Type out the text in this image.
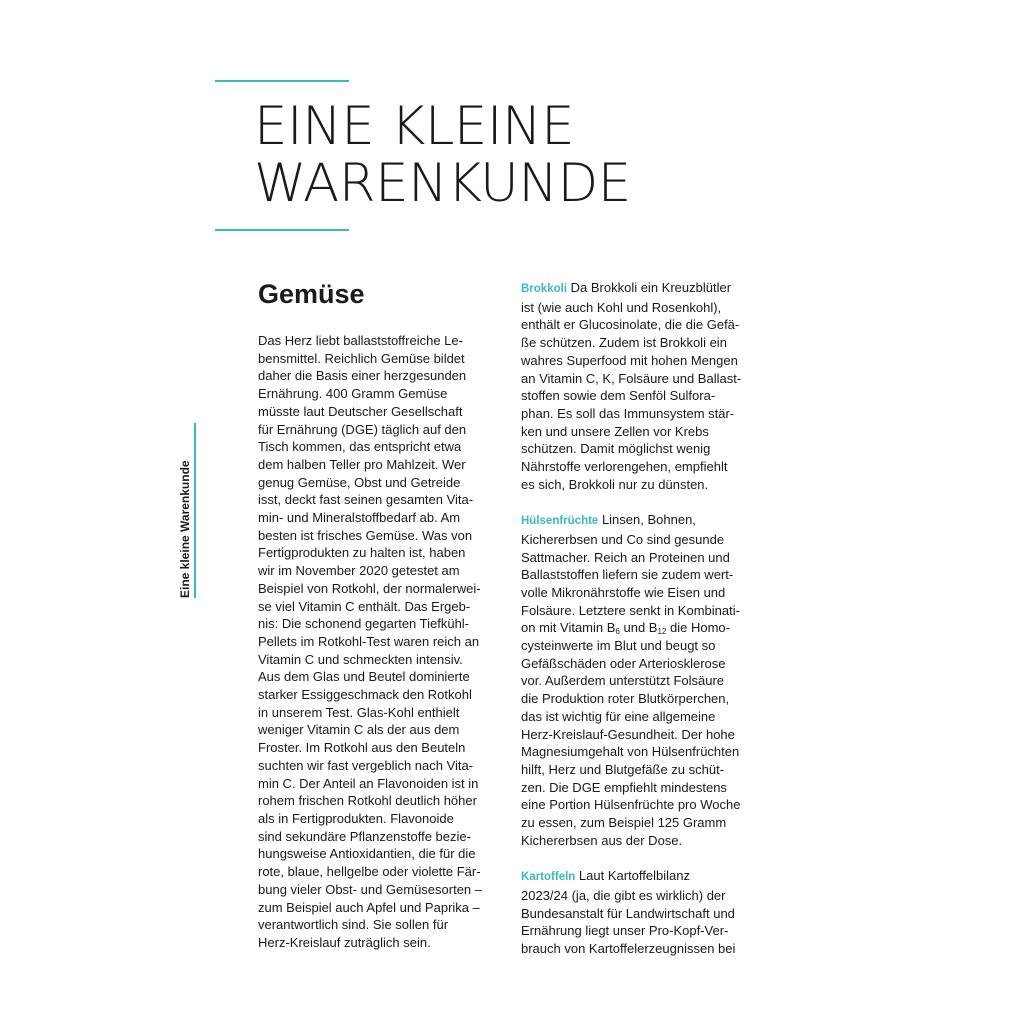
EINE KLEINE
WARENKUNDE
Eine kleine Warenkunde
Gemüse
Das Herz liebt ballaststoffreiche Le-
bensmittel. Reichlich Gemüse bildet
daher die Basis einer herzgesunden
Ernährung. 400 Gramm Gemüse
müsste laut Deutscher Gesellschaft
für Ernährung (DGE) täglich auf den
Tisch kommen, das entspricht etwa
dem halben Teller pro Mahlzeit. Wer
genug Gemüse, Obst und Getreide
isst, deckt fast seinen gesamten Vita-
min- und Mineralstoffbedarf ab. Am
besten ist frisches Gemüse. Was von
Fertigprodukten zu halten ist, haben
wir im November 2020 getestet am
Beispiel von Rotkohl, der normalerwei-
se viel Vitamin C enthält. Das Ergeb-
nis: Die schonend gegarten Tiefkühl-
Pellets im Rotkohl-Test waren reich an
Vitamin C und schmeckten intensiv.
Aus dem Glas und Beutel dominierte
starker Essiggeschmack den Rotkohl
in unserem Test. Glas-Kohl enthielt
weniger Vitamin C als der aus dem
Froster. Im Rotkohl aus den Beuteln
suchten wir fast vergeblich nach Vita-
min C. Der Anteil an Flavonoiden ist in
rohem frischen Rotkohl deutlich höher
als in Fertigprodukten. Flavonoide
sind sekundäre Pflanzenstoffe bezie-
hungsweise Antioxidantien, die für die
rote, blaue, hellgelbe oder violette Fär-
bung vieler Obst- und Gemüsesorten –
zum Beispiel auch Apfel und Paprika –
verantwortlich sind. Sie sollen für
Herz-Kreislauf zuträglich sein.
Brokkoli Da Brokkoli ein Kreuzblütler
ist (wie auch Kohl und Rosenkohl),
enthält er Glucosinolate, die die Gefä-
ße schützen. Zudem ist Brokkoli ein
wahres Superfood mit hohen Mengen
an Vitamin C, K, Folsäure und Ballast-
stoffen sowie dem Senföl Sulfora-
phan. Es soll das Immunsystem stär-
ken und unsere Zellen vor Krebs
schützen. Damit möglichst wenig
Nährstoffe verlorengehen, empfiehlt
es sich, Brokkoli nur zu dünsten.
Hülsenfrüchte Linsen, Bohnen,
Kichererbsen und Co sind gesunde
Sattmacher. Reich an Proteinen und
Ballaststoffen liefern sie zudem wert-
volle Mikronährstoffe wie Eisen und
Folsäure. Letztere senkt in Kombinati-
on mit Vitamin $B_6$ und $B_{12}$ die Homo-
cysteinwerte im Blut und beugt so
Gefäßschäden oder Arteriosklerose
vor. Außerdem unterstützt Folsäure
die Produktion roter Blutkörperchen,
das ist wichtig für eine allgemeine
Herz-Kreislauf-Gesundheit. Der hohe
Magnesiumgehalt von Hülsenfrüchten
hilft, Herz und Blutgefäße zu schüt-
zen. Die DGE empfiehlt mindestens
eine Portion Hülsenfrüchte pro Woche
zu essen, zum Beispiel 125 Gramm
Kichererbsen aus der Dose.
Kartoffeln Laut Kartoffelbilanz
2023/24 (ja, die gibt es wirklich) der
Bundesanstalt für Landwirtschaft und
Ernährung liegt unser Pro-Kopf-Ver-
brauch von Kartoffelerzeugnissen bei
